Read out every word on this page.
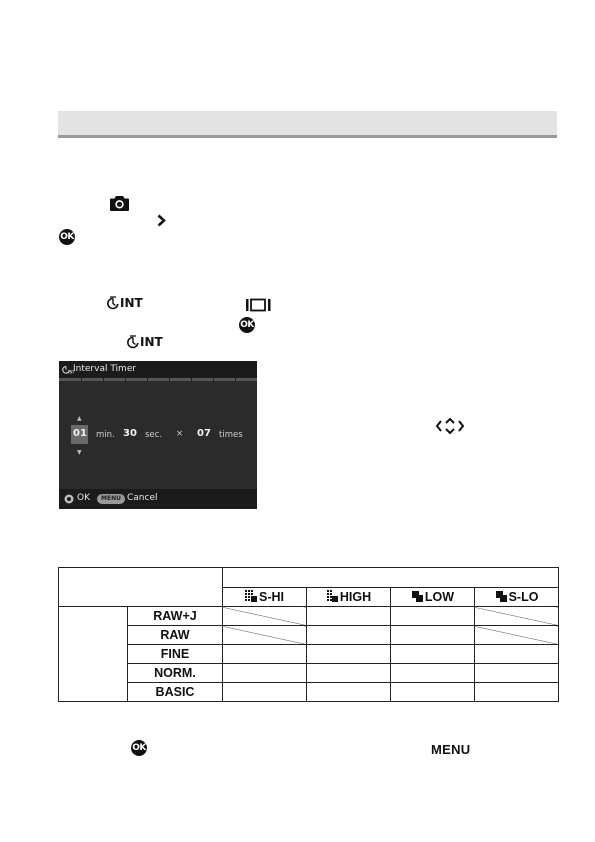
OK
INT
OK
INT
INT
Interval Timer
▲
01
▼
min. 30 sec. × 07 times
OK	MENU Cancel

		S-HI	HIGH	LOW	S-LO
	RAW+J				
	RAW				
	FINE				
	NORM.				
	BASIC				
OK	MENU
